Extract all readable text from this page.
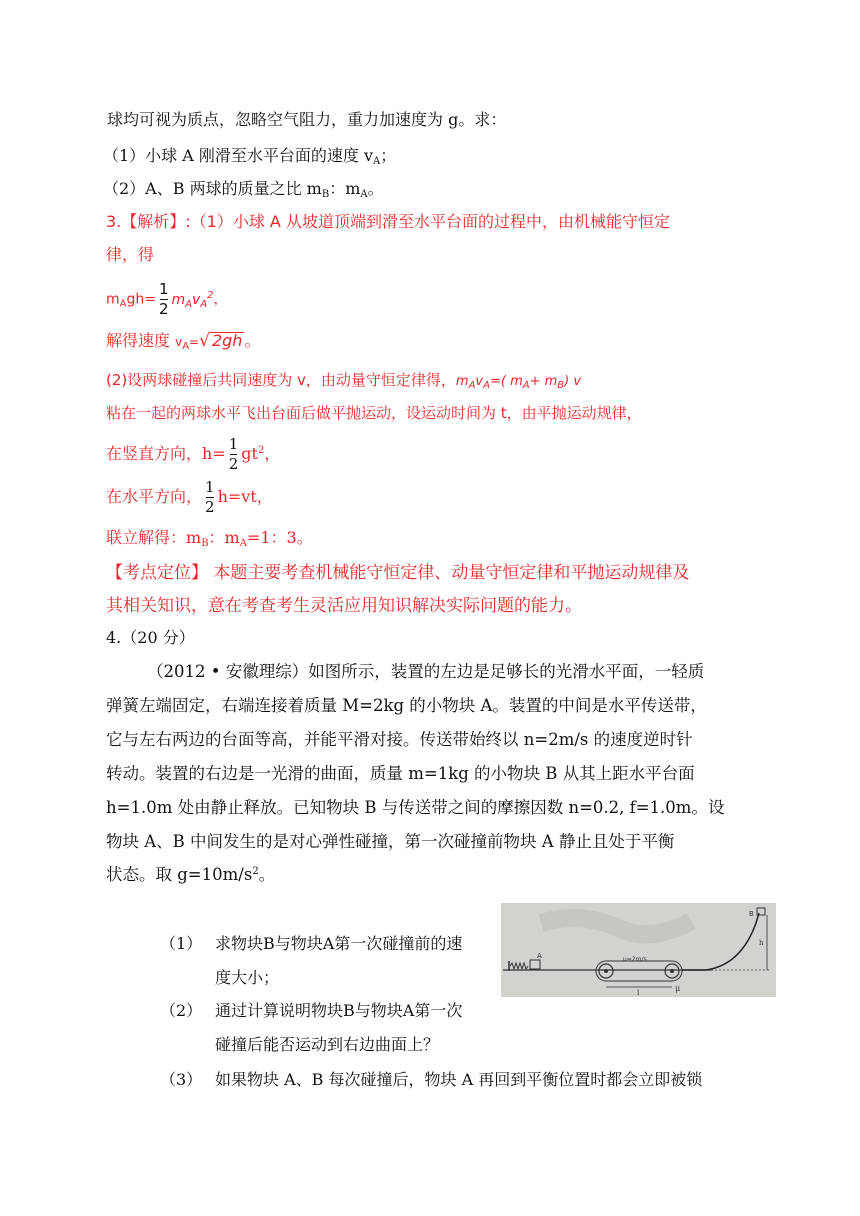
球均可视为质点，忽略空气阻力，重力加速度为 g。求：
（1）小球 A 刚滑至水平台面的速度 $v_A$；
（2）A、B 两球的质量之比 $m_B$：$m_A$。
3.【解析】:（1）小球 A 从坡道顶端到滑至水平台面的过程中，由机械能守恒定
律，得
$m_Agh= \frac{1}{2} m_Av_A^2$，
解得速度 $v_A=√$ 2gh 。
(2)设两球碰撞后共同速度为 v，由动量守恒定律得，$m_Av_A=$( $m_A+ m_B$) v
粘在一起的两球水平飞出台面后做平抛运动，设运动时间为 t，由平抛运动规律，
在竖直方向，$h= \frac{1}{2} gt^2$，
在水平方向， $\frac{1}{2} h=vt$，
联立解得：$m_B$：$m_A=1$：3。
【考点定位】 本题主要考查机械能守恒定律、动量守恒定律和平抛运动规律及
其相关知识，意在考查考生灵活应用知识解决实际问题的能力。
4.（20 分）
（2012 • 安徽理综）如图所示，装置的左边是足够长的光滑水平面，一轻质
弹簧左端固定，右端连接着质量 M=2kg 的小物块 A。装置的中间是水平传送带，
它与左右两边的台面等高，并能平滑对接。传送带始终以 n=2m/s 的速度逆时针
转动。装置的右边是一光滑的曲面，质量 m=1kg 的小物块 B 从其上距水平台面
h=1.0m 处由静止释放。已知物块 B 与传送带之间的摩擦因数 n=0.2, f=1.0m。设
物块 A、B 中间发生的是对心弹性碰撞，第一次碰撞前物块 A 静止且处于平衡
状态。取 $g=10m/s^2$。
（1） 求物块B与物块A第一次碰撞前的速
度大小；
（2） 通过计算说明物块B与物块A第一次
碰撞后能否运动到右边曲面上？
（3） 如果物块 A、B 每次碰撞后，物块 A 再回到平衡位置时都会立即被锁
A	u=2m/s
μ
l
B
h
